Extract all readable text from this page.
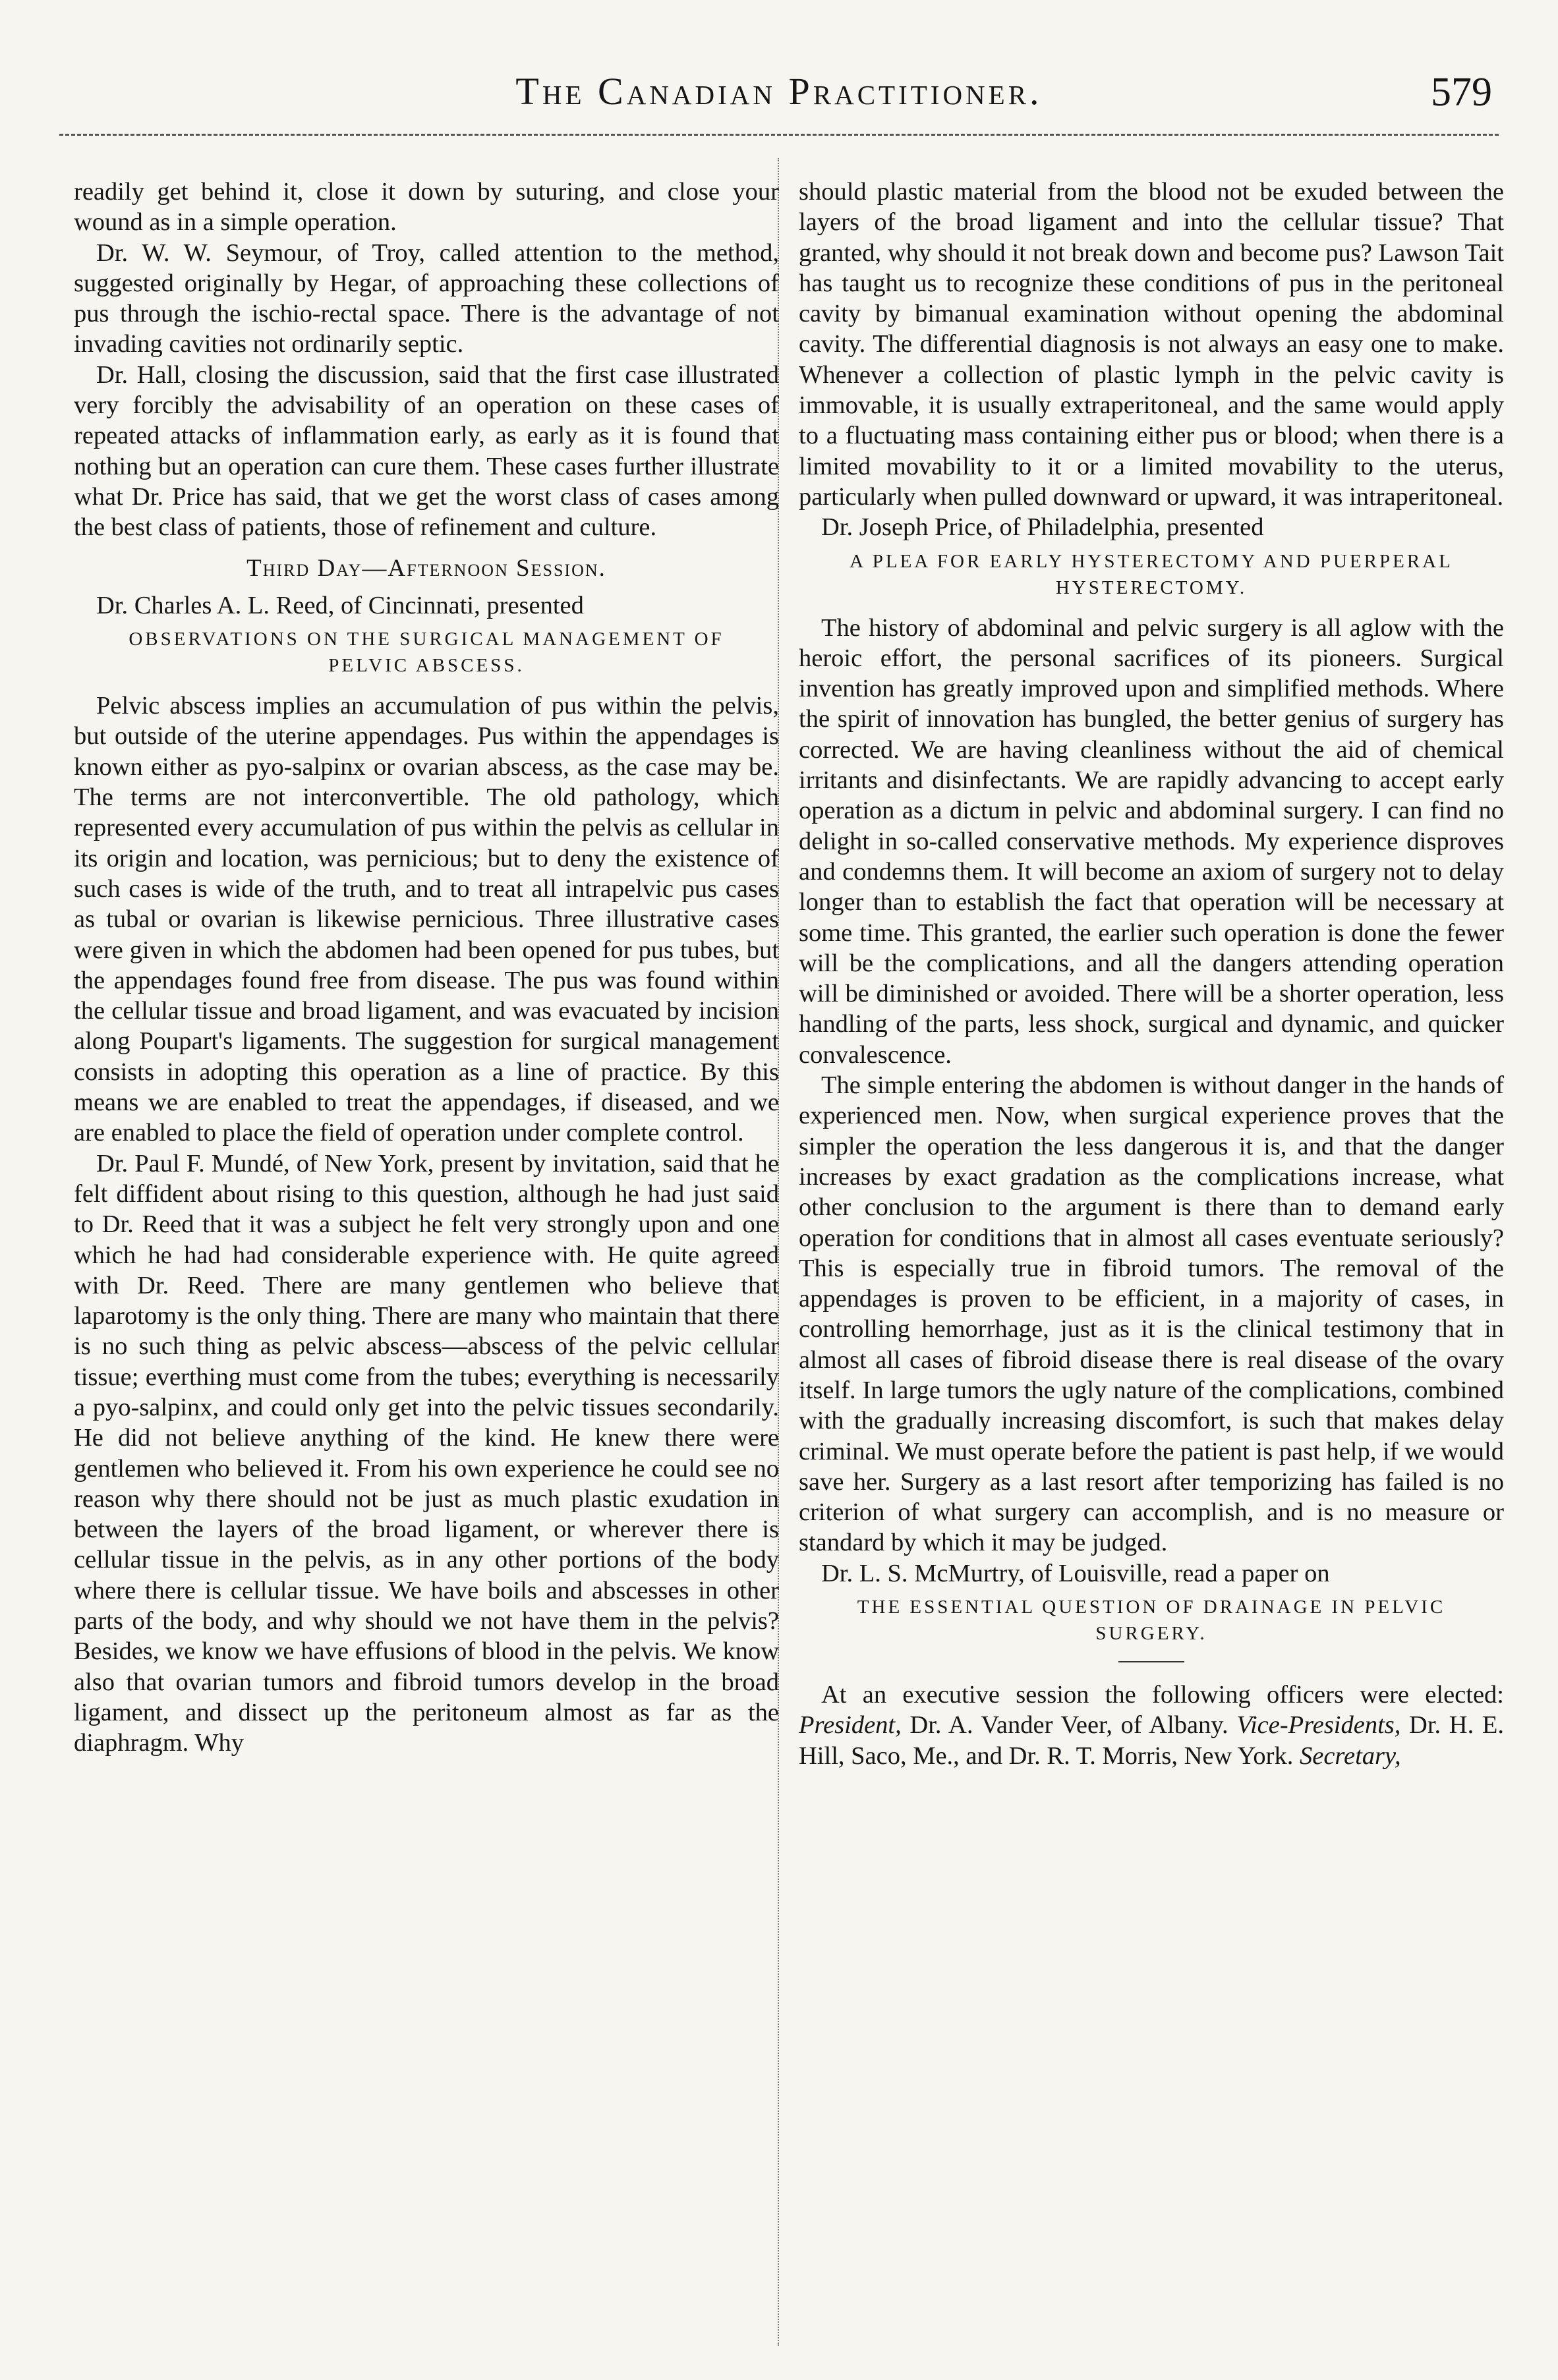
The Canadian Practitioner.	579

readily get behind it, close it down by suturing, and close your wound as in a simple operation.

Dr. W. W. Seymour, of Troy, called attention to the method, suggested originally by Hegar, of approaching these collections of pus through the ischio-rectal space. There is the advantage of not invading cavities not ordinarily septic.

Dr. Hall, closing the discussion, said that the first case illustrated very forcibly the advisability of an operation on these cases of repeated attacks of inflammation early, as early as it is found that nothing but an operation can cure them. These cases further illustrate what Dr. Price has said, that we get the worst class of cases among the best class of patients, those of refinement and culture.

Third Day—Afternoon Session.

Dr. Charles A. L. Reed, of Cincinnati, presented

OBSERVATIONS ON THE SURGICAL MANAGEMENT OF PELVIC ABSCESS.

Pelvic abscess implies an accumulation of pus within the pelvis, but outside of the uterine appendages. Pus within the appendages is known either as pyo-salpinx or ovarian abscess, as the case may be. The terms are not interconvertible. The old pathology, which represented every accumulation of pus within the pelvis as cellular in its origin and location, was pernicious; but to deny the existence of such cases is wide of the truth, and to treat all intrapelvic pus cases as tubal or ovarian is likewise pernicious. Three illustrative cases were given in which the abdomen had been opened for pus tubes, but the appendages found free from disease. The pus was found within the cellular tissue and broad ligament, and was evacuated by incision along Poupart's ligaments. The suggestion for surgical management consists in adopting this operation as a line of practice. By this means we are enabled to treat the appendages, if diseased, and we are enabled to place the field of operation under complete control.

Dr. Paul F. Mundé, of New York, present by invitation, said that he felt diffident about rising to this question, although he had just said to Dr. Reed that it was a subject he felt very strongly upon and one which he had had considerable experience with. He quite agreed with Dr. Reed. There are many gentlemen who believe that laparotomy is the only thing. There are many who maintain that there is no such thing as pelvic abscess—abscess of the pelvic cellular tissue; everthing must come from the tubes; everything is necessarily a pyo-salpinx, and could only get into the pelvic tissues secondarily. He did not believe anything of the kind. He knew there were gentlemen who believed it. From his own experience he could see no reason why there should not be just as much plastic exudation in between the layers of the broad ligament, or wherever there is cellular tissue in the pelvis, as in any other portions of the body where there is cellular tissue. We have boils and abscesses in other parts of the body, and why should we not have them in the pelvis? Besides, we know we have effusions of blood in the pelvis. We know also that ovarian tumors and fibroid tumors develop in the broad ligament, and dissect up the peritoneum almost as far as the diaphragm. Why

should plastic material from the blood not be exuded between the layers of the broad ligament and into the cellular tissue? That granted, why should it not break down and become pus? Lawson Tait has taught us to recognize these conditions of pus in the peritoneal cavity by bimanual examination without opening the abdominal cavity. The differential diagnosis is not always an easy one to make. Whenever a collection of plastic lymph in the pelvic cavity is immovable, it is usually extraperitoneal, and the same would apply to a fluctuating mass containing either pus or blood; when there is a limited movability to it or a limited movability to the uterus, particularly when pulled downward or upward, it was intraperitoneal.

Dr. Joseph Price, of Philadelphia, presented

A PLEA FOR EARLY HYSTERECTOMY AND PUERPERAL HYSTERECTOMY.

The history of abdominal and pelvic surgery is all aglow with the heroic effort, the personal sacrifices of its pioneers. Surgical invention has greatly improved upon and simplified methods. Where the spirit of innovation has bungled, the better genius of surgery has corrected. We are having cleanliness without the aid of chemical irritants and disinfectants. We are rapidly advancing to accept early operation as a dictum in pelvic and abdominal surgery. I can find no delight in so-called conservative methods. My experience disproves and condemns them. It will become an axiom of surgery not to delay longer than to establish the fact that operation will be necessary at some time. This granted, the earlier such operation is done the fewer will be the complications, and all the dangers attending operation will be diminished or avoided. There will be a shorter operation, less handling of the parts, less shock, surgical and dynamic, and quicker convalescence.

The simple entering the abdomen is without danger in the hands of experienced men. Now, when surgical experience proves that the simpler the operation the less dangerous it is, and that the danger increases by exact gradation as the complications increase, what other conclusion to the argument is there than to demand early operation for conditions that in almost all cases eventuate seriously? This is especially true in fibroid tumors. The removal of the appendages is proven to be efficient, in a majority of cases, in controlling hemorrhage, just as it is the clinical testimony that in almost all cases of fibroid disease there is real disease of the ovary itself. In large tumors the ugly nature of the complications, combined with the gradually increasing discomfort, is such that makes delay criminal. We must operate before the patient is past help, if we would save her. Surgery as a last resort after temporizing has failed is no criterion of what surgery can accomplish, and is no measure or standard by which it may be judged.

Dr. L. S. McMurtry, of Louisville, read a paper on

THE ESSENTIAL QUESTION OF DRAINAGE IN PELVIC SURGERY.

At an executive session the following officers were elected: President, Dr. A. Vander Veer, of Albany. Vice-Presidents, Dr. H. E. Hill, Saco, Me., and Dr. R. T. Morris, New York. Secretary,
